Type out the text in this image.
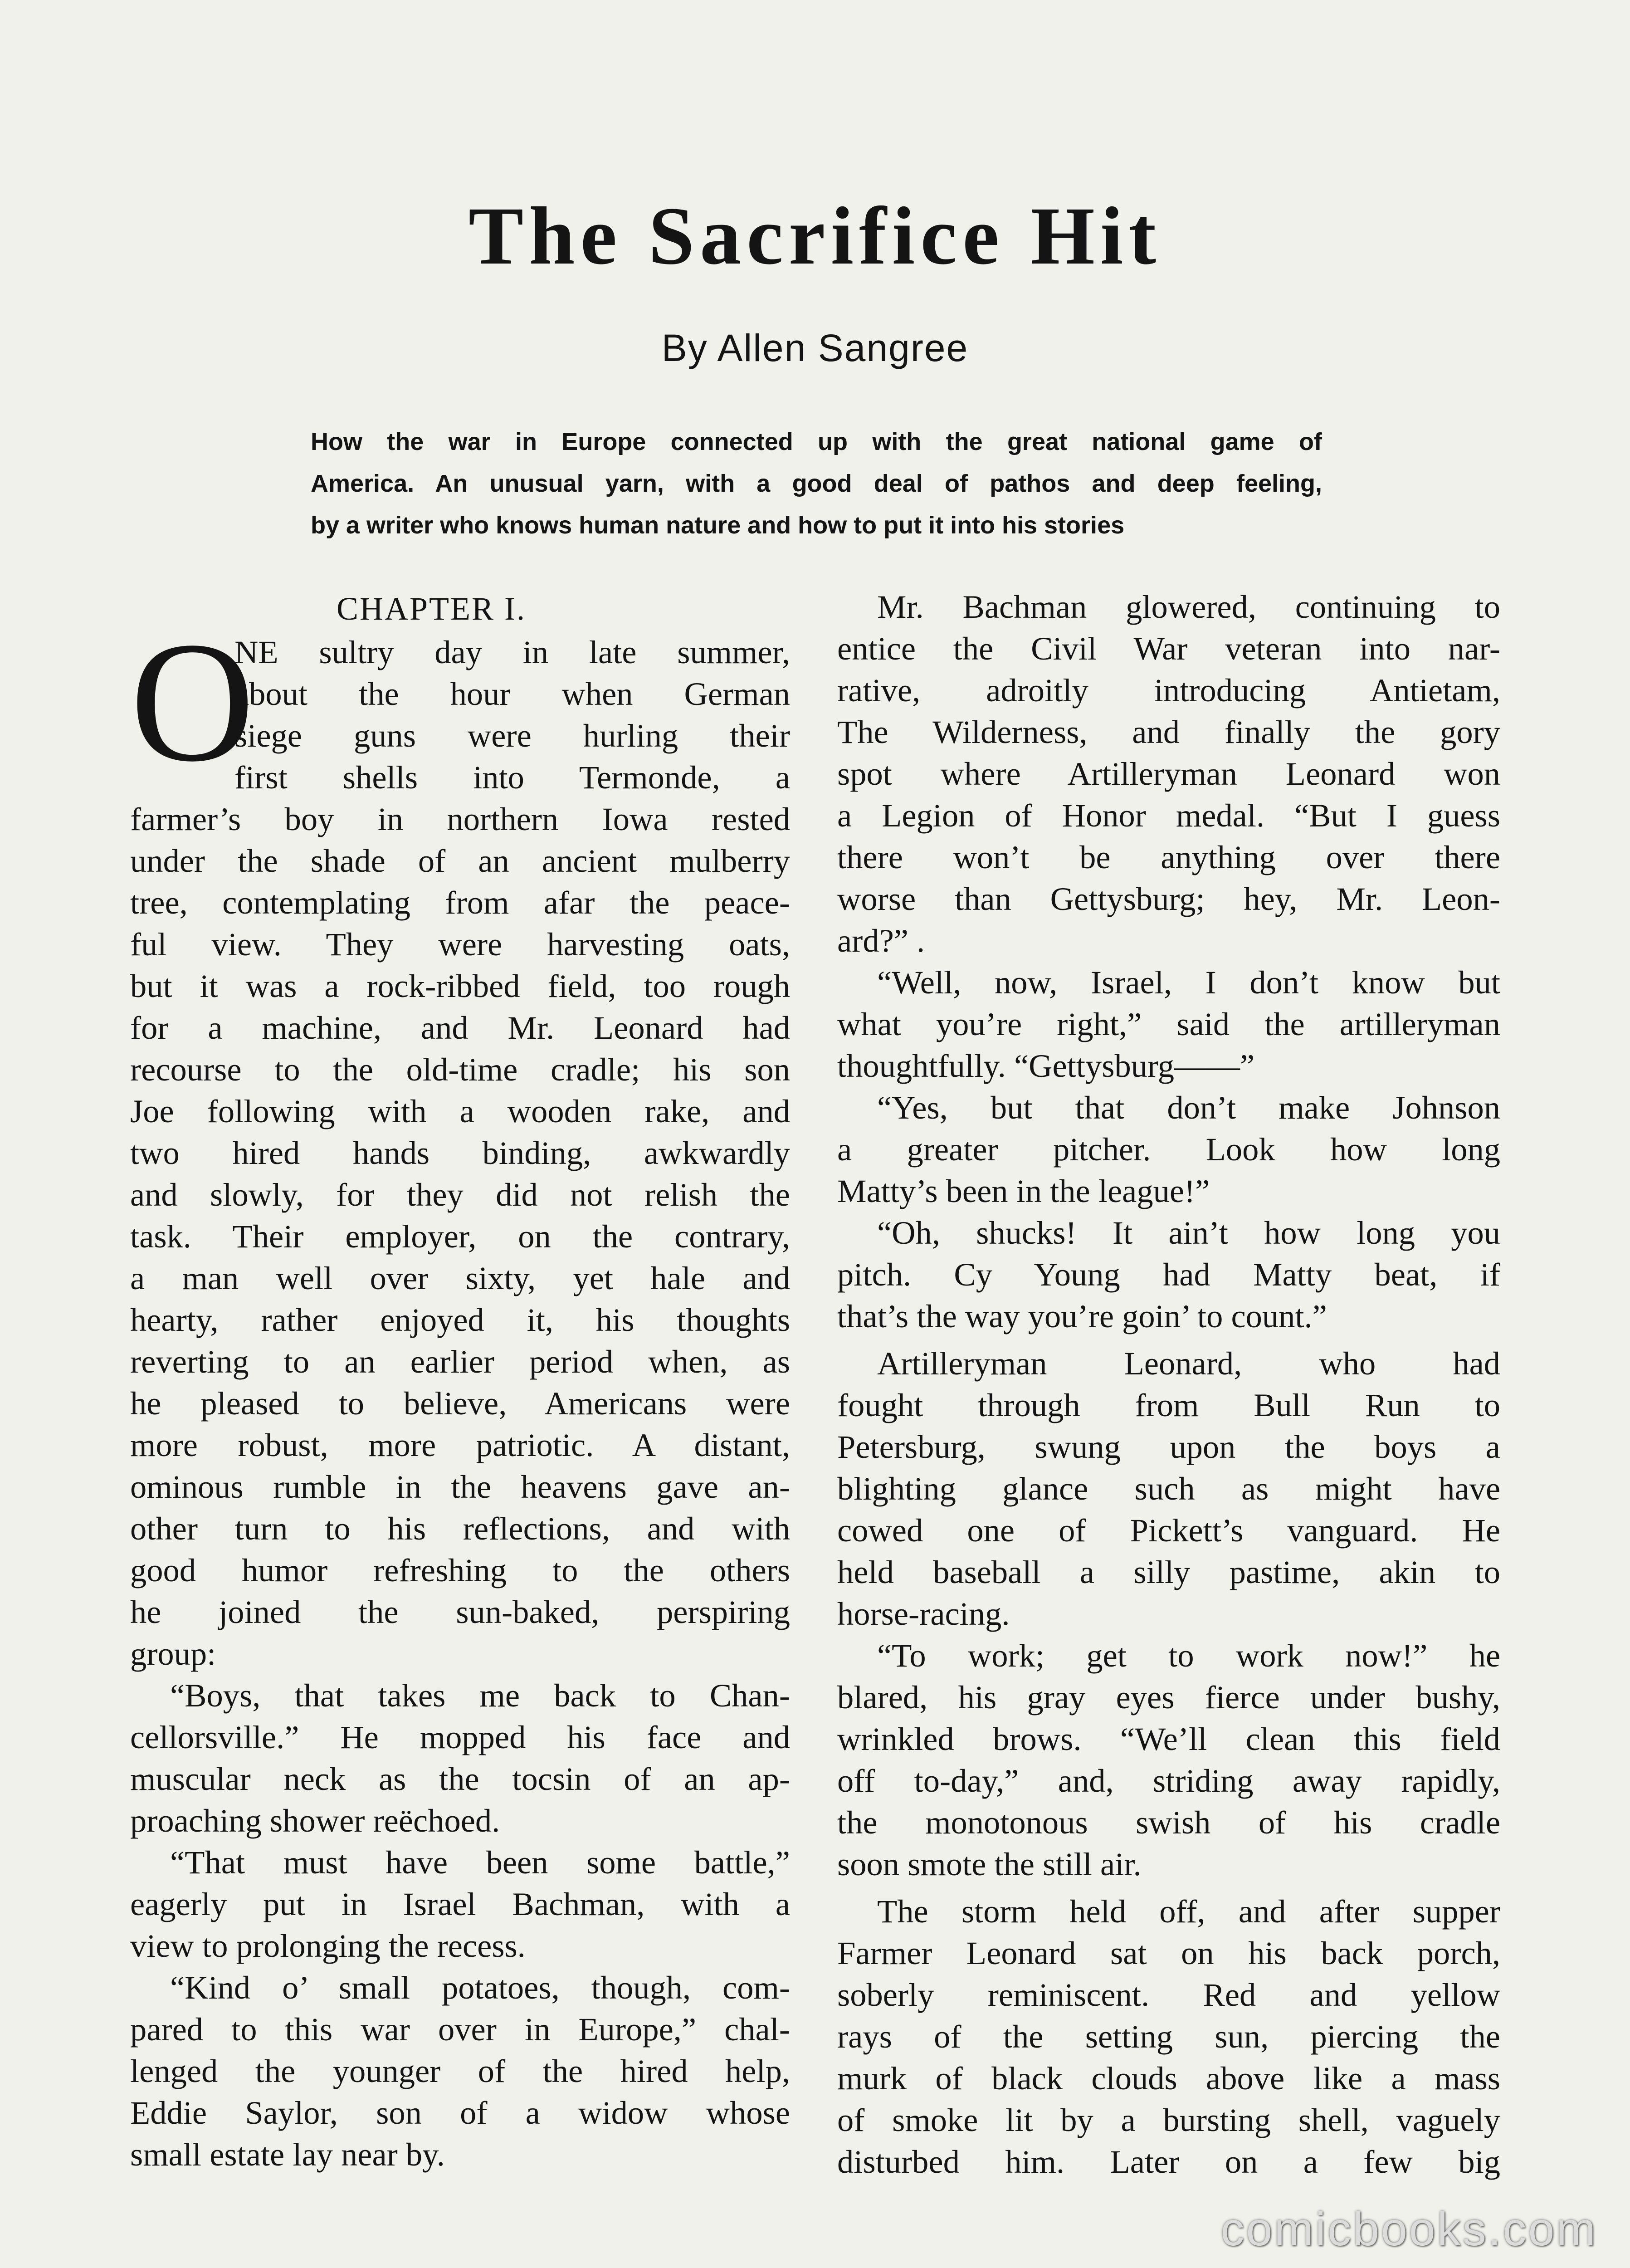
The Sacrifice Hit
By Allen Sangree
How the war in Europe connected up with the great national game of
America. An unusual yarn, with a good deal of pathos and deep feeling,
by a writer who knows human nature and how to put it into his stories
CHAPTER I.
O
NE sultry day in late summer,
about the hour when German
siege guns were hurling their
first shells into Termonde, a
farmer’s boy in northern Iowa rested
under the shade of an ancient mulberry
tree, contemplating from afar the peace-
ful view. They were harvesting oats,
but it was a rock-ribbed field, too rough
for a machine, and Mr. Leonard had
recourse to the old-time cradle; his son
Joe following with a wooden rake, and
two hired hands binding, awkwardly
and slowly, for they did not relish the
task. Their employer, on the contrary,
a man well over sixty, yet hale and
hearty, rather enjoyed it, his thoughts
reverting to an earlier period when, as
he pleased to believe, Americans were
more robust, more patriotic. A distant,
ominous rumble in the heavens gave an-
other turn to his reflections, and with
good humor refreshing to the others
he joined the sun-baked, perspiring
group:
“Boys, that takes me back to Chan-
cellorsville.” He mopped his face and
muscular neck as the tocsin of an ap-
proaching shower reëchoed.
“That must have been some battle,”
eagerly put in Israel Bachman, with a
view to prolonging the recess.
“Kind o’ small potatoes, though, com-
pared to this war over in Europe,” chal-
lenged the younger of the hired help,
Eddie Saylor, son of a widow whose
small estate lay near by.
Mr. Bachman glowered, continuing to
entice the Civil War veteran into nar-
rative, adroitly introducing Antietam,
The Wilderness, and finally the gory
spot where Artilleryman Leonard won
a Legion of Honor medal. “But I guess
there won’t be anything over there
worse than Gettysburg; hey, Mr. Leon-
ard?” .
“Well, now, Israel, I don’t know but
what you’re right,” said the artilleryman
thoughtfully. “Gettysburg——”
“Yes, but that don’t make Johnson
a greater pitcher. Look how long
Matty’s been in the league!”
“Oh, shucks! It ain’t how long you
pitch. Cy Young had Matty beat, if
that’s the way you’re goin’ to count.”
Artilleryman Leonard, who had
fought through from Bull Run to
Petersburg, swung upon the boys a
blighting glance such as might have
cowed one of Pickett’s vanguard. He
held baseball a silly pastime, akin to
horse-racing.
“To work; get to work now!” he
blared, his gray eyes fierce under bushy,
wrinkled brows. “We’ll clean this field
off to-day,” and, striding away rapidly,
the monotonous swish of his cradle
soon smote the still air.
The storm held off, and after supper
Farmer Leonard sat on his back porch,
soberly reminiscent. Red and yellow
rays of the setting sun, piercing the
murk of black clouds above like a mass
of smoke lit by a bursting shell, vaguely
disturbed him. Later on a few big
comicbooks.com
